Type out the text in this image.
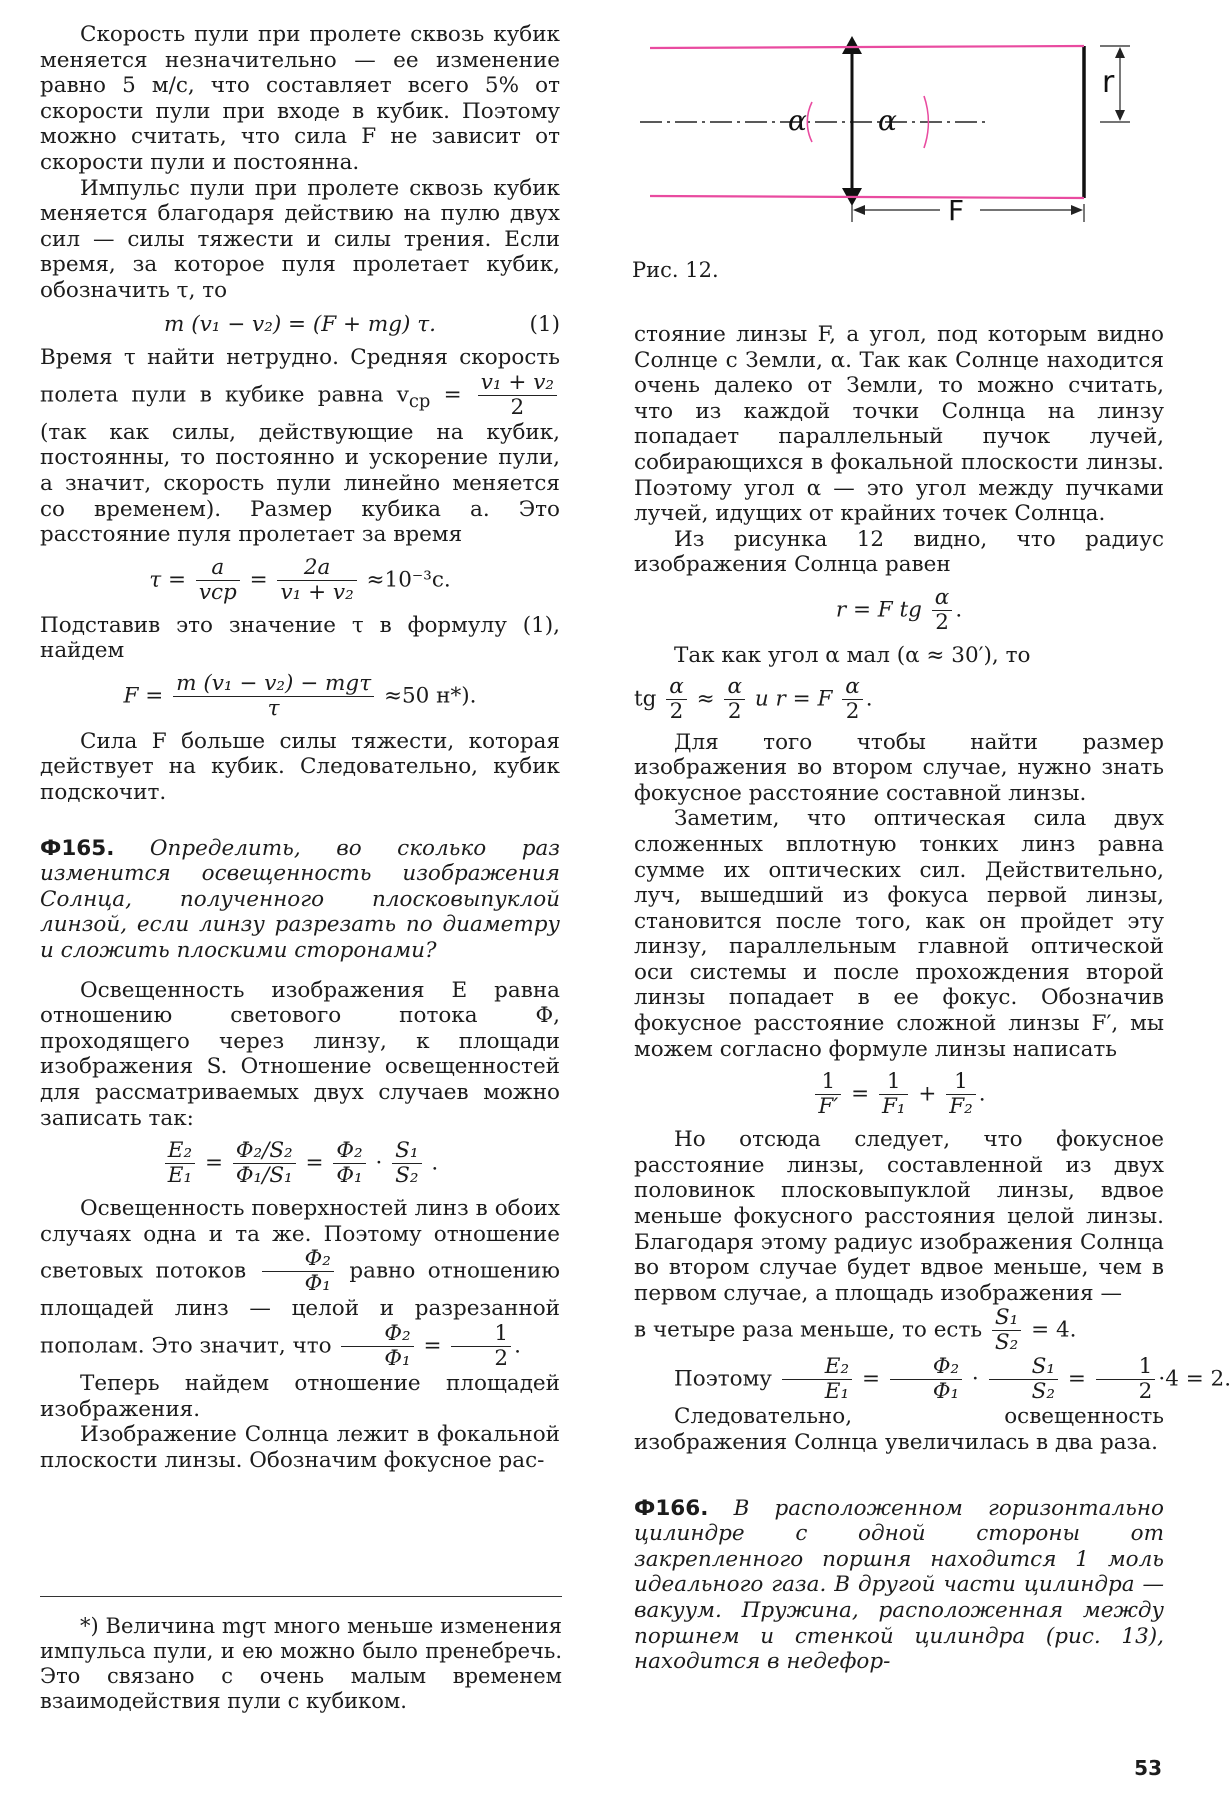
Скорость пули при пролете сквозь кубик меняется незначительно — ее изменение равно 5 м/с, что составляет всего 5% от скорости пули при входе в кубик. Поэтому можно считать, что сила F не зависит от скорости пули и постоянна.

Импульс пули при пролете сквозь кубик меняется благодаря действию на пулю двух сил — силы тяжести и силы трения. Если время, за которое пуля пролетает кубик, обозначить τ, то

m (v₁ − v₂) = (F + mg) τ.	(1)

Время τ найти нетрудно. Средняя скорость полета пули в кубике равна $v_{ср} = \frac{\text{v₁ + v₂}}{2}$
(так как силы, действующие на кубик, постоянны, то постоянно и ускорение пули, а значит, скорость пули линейно меняется со временем). Размер кубика a. Это расстояние пуля пролетает за время

$\tau = \frac{a}{\text{vср}} = \frac{2a}{\text{v₁ + v₂}} \approx 10^{-3}с$.

Подставив это значение τ в формулу (1), найдем

$F = \frac{\text{m (v₁ − v₂) − mgτ}}{\tau} \approx 50$ н*).

Сила F больше силы тяжести, которая действует на кубик. Следовательно, кубик подскочит.

Ф165. Определить, во сколько раз изменится освещенность изображения Солнца, полученного плосковыпуклой линзой, если линзу разрезать по диаметру и сложить плоскими сторонами?

Освещенность изображения E равна отношению светового потока Φ, проходящего через линзу, к площади изображения S. Отношение освещенностей для рассматриваемых двух случаев можно записать так:

$\frac{\text{E₂}}{\text{E₁}} = \frac{\text{Φ₂/S₂}}{\text{Φ₁/S₁}} = \frac{\text{Φ₂}}{\text{Φ₁}} \cdot \frac{\text{S₁}}{\text{S₂}}$ .

Освещенность поверхностей линз в обоих случаях одна и та же. Поэтому отношение световых потоков $\frac{\text{Φ₂}}{\text{Φ₁}}$ равно отношению площадей линз — целой и разрезанной пополам. Это значит, что $\frac{\text{Φ₂}}{\text{Φ₁}} = \frac{1}{2}$ .

Теперь найдем отношение площадей изображения.

Изображение Солнца лежит в фокальной плоскости линзы. Обозначим фокусное рас-

*) Величина mgτ много меньше изменения импульса пули, и ею можно было пренебречь. Это связано с очень малым временем взаимодействия пули с кубиком.

α	α
r
F
Рис. 12.

стояние линзы F, а угол, под которым видно Солнце с Земли, α. Так как Солнце находится очень далеко от Земли, то можно считать, что из каждой точки Солнца на линзу попадает параллельный пучок лучей, собирающихся в фокальной плоскости линзы. Поэтому угол α — это угол между пучками лучей, идущих от крайних точек Солнца.

Из рисунка 12 видно, что радиус изображения Солнца равен

r = F tg $\frac{\alpha}{2}$ .

Так как угол α мал (α ≈ 30′), то

tg $\frac{\alpha}{2} \approx \frac{\alpha}{2}$ и r = F $\frac{\alpha}{2}$ .

Для того чтобы найти размер изображения во втором случае, нужно знать фокусное расстояние составной линзы.

Заметим, что оптическая сила двух сложенных вплотную тонких линз равна сумме их оптических сил. Действительно, луч, вышедший из фокуса первой линзы, становится после того, как он пройдет эту линзу, параллельным главной оптической оси системы и после прохождения второй линзы попадает в ее фокус. Обозначив фокусное расстояние сложной линзы F′, мы можем согласно формуле линзы написать

$\frac{1}{F'} = \frac{1}{\text{F₁}} + \frac{1}{\text{F₂}}$ .

Но отсюда следует, что фокусное расстояние линзы, составленной из двух половинок плосковыпуклой линзы, вдвое меньше фокусного расстояния целой линзы. Благодаря этому радиус изображения Солнца во втором случае будет вдвое меньше, чем в первом случае, а площадь изображения —

в четыре раза меньше, то есть $\frac{\text{S₁}}{\text{S₂}} = 4$.

Поэтому $\frac{\text{E₂}}{\text{E₁}} = \frac{\text{Φ₂}}{\text{Φ₁}} \cdot \frac{\text{S₁}}{\text{S₂}} = \frac{1}{2} \cdot 4 = 2$.

Следовательно, освещенность изображения Солнца увеличилась в два раза.

Ф166. В расположенном горизонтально цилиндре с одной стороны от закрепленного поршня находится 1 моль идеального газа. В другой части цилиндра — вакуум. Пружина, расположенная между поршнем и стенкой цилиндра (рис. 13), находится в недефор-

53
